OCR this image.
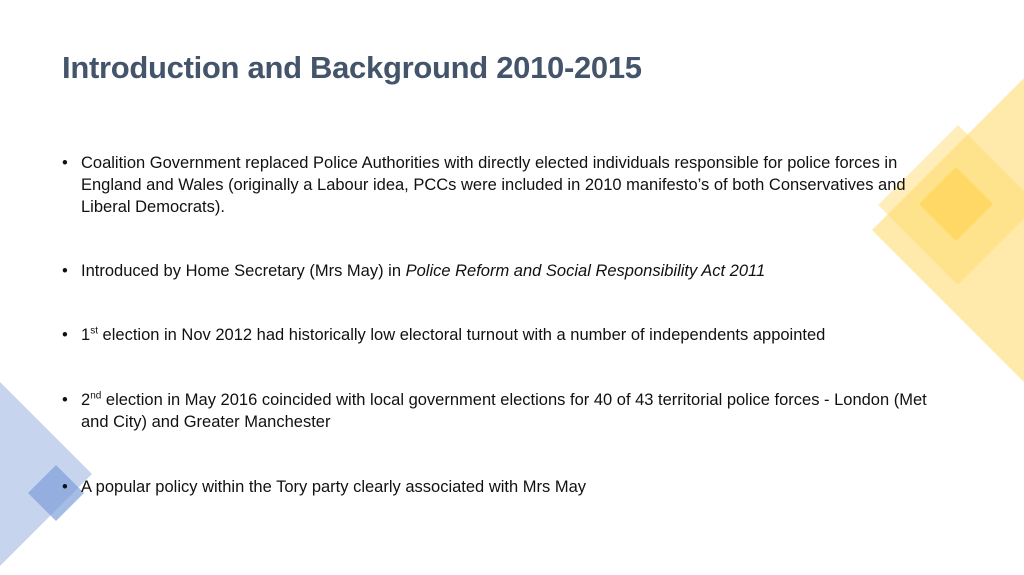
Introduction and Background 2010-2015
• Coalition Government replaced Police Authorities with directly elected individuals responsible for police forces in England and Wales (originally a Labour idea, PCCs were included in 2010 manifesto’s of both Conservatives and Liberal Democrats).
• Introduced by Home Secretary (Mrs May) in Police Reform and Social Responsibility Act 2011
• 1st election in Nov 2012 had historically low electoral turnout with a number of independents appointed
• 2nd election in May 2016 coincided with local government elections for 40 of 43 territorial police forces - London (Met and City) and Greater Manchester
• A popular policy within the Tory party clearly associated with Mrs May
